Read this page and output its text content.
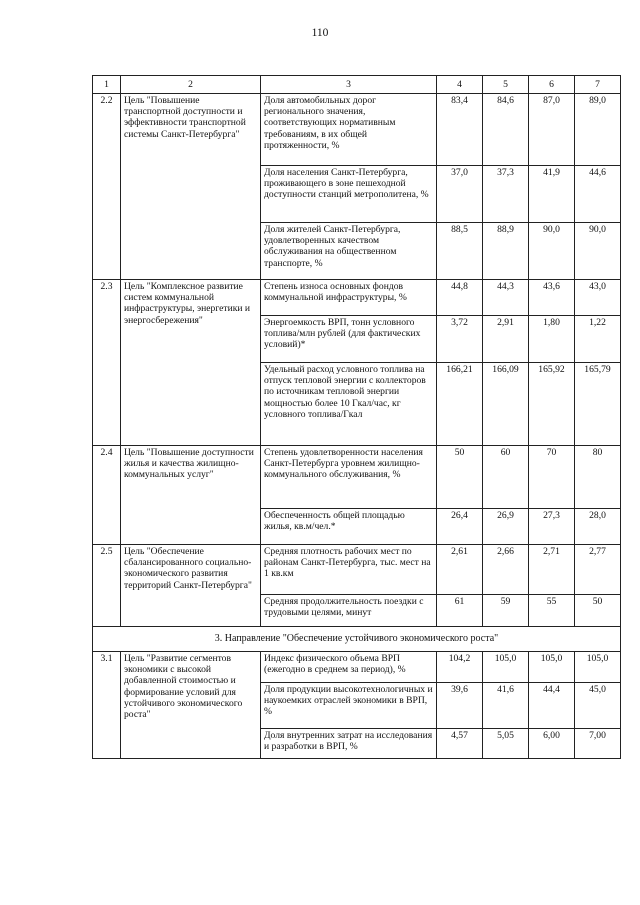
110
1	2	3	4	5	6	7
2.2	Цель "Повышение транспортной доступности и эффективности транспортной системы Санкт-Петербурга"	Доля автомобильных дорог регионального значения, соответствующих нормативным требованиям, в их общей протяженности, %	83,4	84,6	87,0	89,0
		Доля населения Санкт-Петербурга, проживающего в зоне пешеходной доступности станций метрополитена, %	37,0	37,3	41,9	44,6
		Доля жителей Санкт-Петербурга, удовлетворенных качеством обслуживания на общественном транспорте, %	88,5	88,9	90,0	90,0
2.3	Цель "Комплексное развитие систем коммунальной инфраструктуры, энергетики и энергосбережения"	Степень износа основных фондов коммунальной инфраструктуры, %	44,8	44,3	43,6	43,0
		Энергоемкость ВРП, тонн условного топлива/млн рублей (для фактических условий)*	3,72	2,91	1,80	1,22
		Удельный расход условного топлива на отпуск тепловой энергии с коллекторов по источникам тепловой энергии мощностью более 10 Гкал/час, кг условного топлива/Гкал	166,21	166,09	165,92	165,79
2.4	Цель "Повышение доступности жилья и качества жилищно-коммунальных услуг"	Степень удовлетворенности населения Санкт-Петербурга уровнем жилищно-коммунального обслуживания, %	50	60	70	80
		Обеспеченность общей площадью жилья, кв.м/чел.*	26,4	26,9	27,3	28,0
2.5	Цель "Обеспечение сбалансированного социально-экономического развития территорий Санкт-Петербурга"	Средняя плотность рабочих мест по районам Санкт-Петербурга, тыс. мест на 1 кв.км	2,61	2,66	2,71	2,77
		Средняя продолжительность поездки с трудовыми целями, минут	61	59	55	50
3. Направление "Обеспечение устойчивого экономического роста"						
3.1	Цель "Развитие сегментов экономики с высокой добавленной стоимостью и формирование условий для устойчивого экономического роста"	Индекс физического объема ВРП (ежегодно в среднем за период), %	104,2	105,0	105,0	105,0
		Доля продукции высокотехнологичных и наукоемких отраслей экономики в ВРП, %	39,6	41,6	44,4	45,0
		Доля внутренних затрат на исследования и разработки в ВРП, %	4,57	5,05	6,00	7,00
